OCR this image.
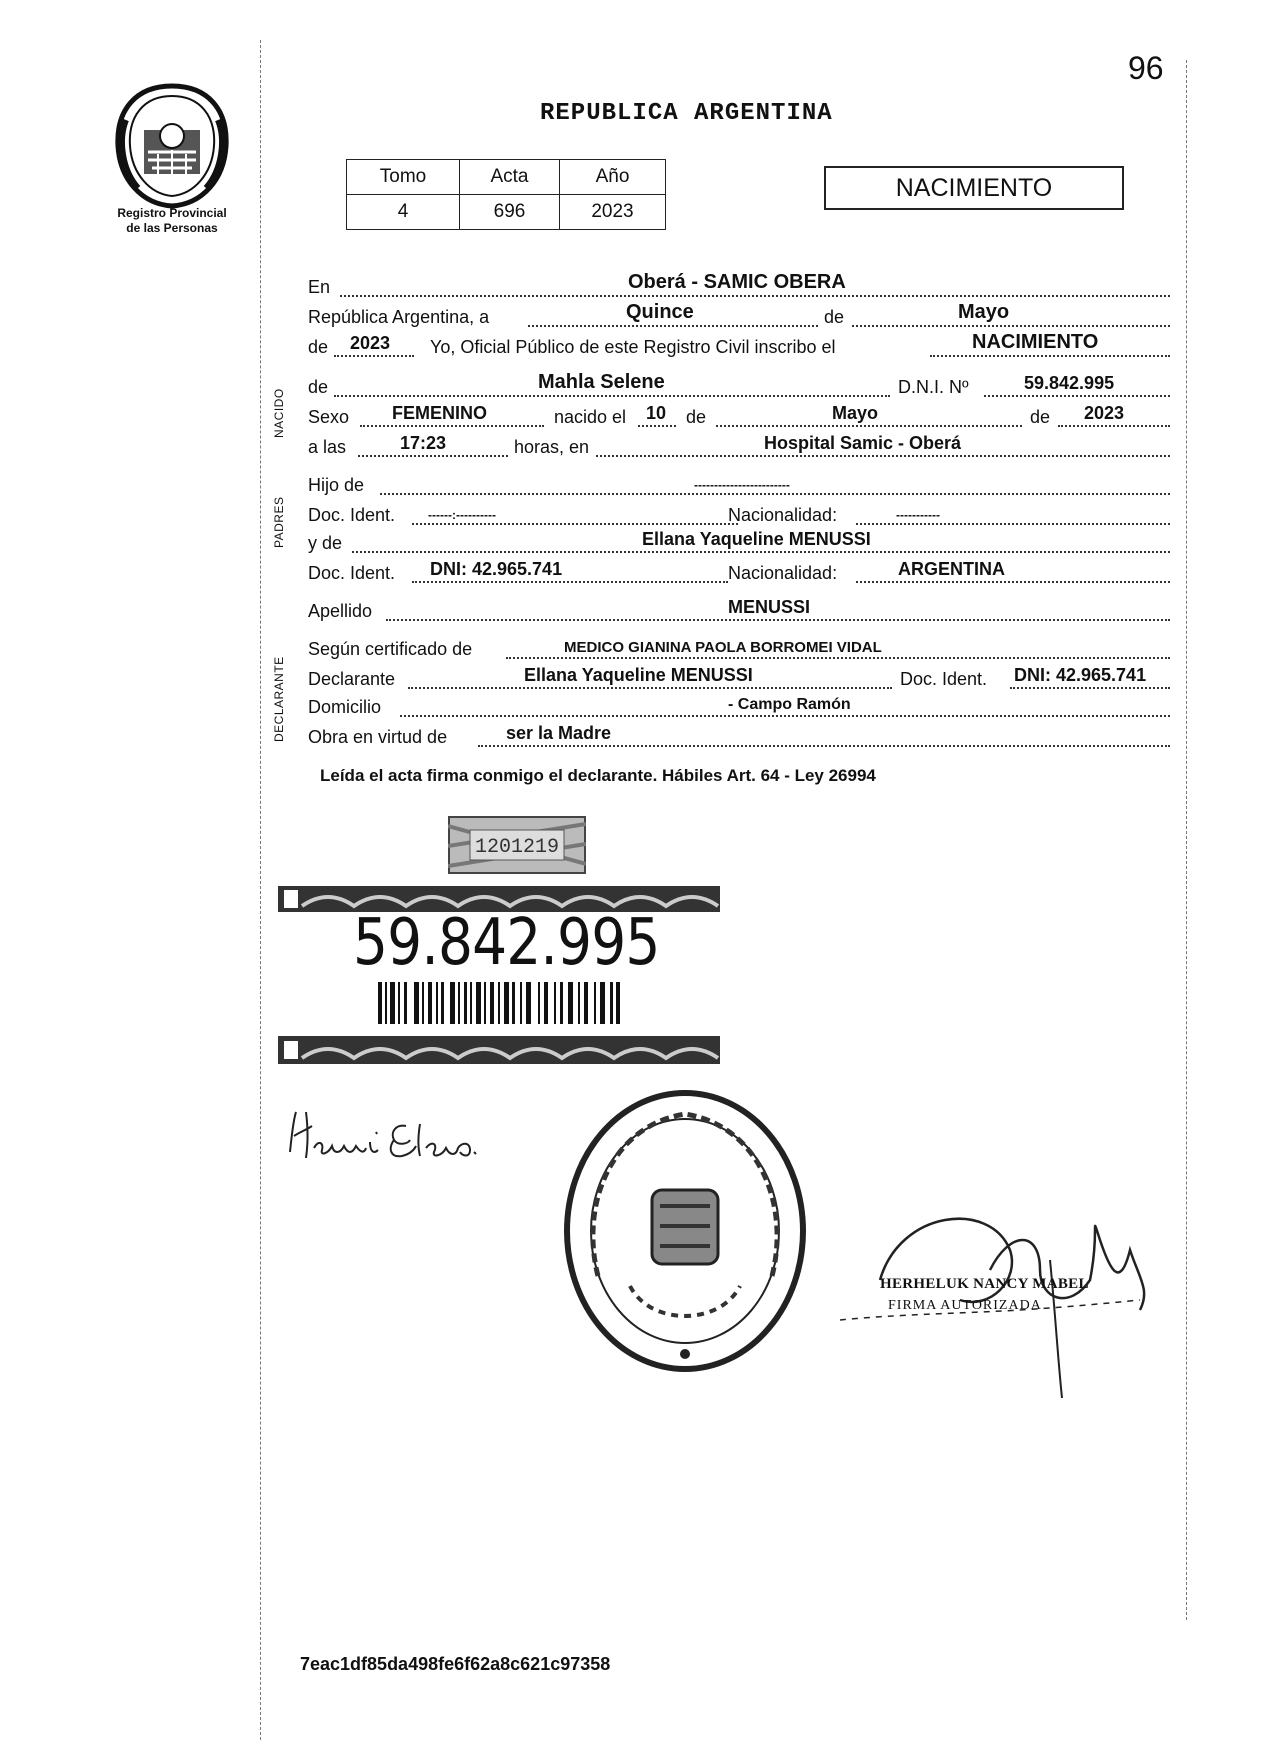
Registro Provincial
de las Personas
96
REPUBLICA ARGENTINA
Tomo	Acta	Año
4	696	2023
NACIMIENTO
NACIDO
PADRES
DECLARANTE
En	Oberá - SAMIC OBERA
República Argentina, a	Quince	de	Mayo
de 2023 Yo, Oficial Público de este Registro Civil inscribo el	NACIMIENTO
de	Mahla Selene	D.N.I. Nº	59.842.995
Sexo FEMENINO	nacido el 10 de	Mayo	de 2023
a las	17:23	horas, en	Hospital Samic - Oberá
Hijo de	------------------------
Doc. Ident.	------:----------	Nacionalidad:	-----------
y de	Ellana Yaqueline MENUSSI
Doc. Ident. DNI: 42.965.741	Nacionalidad:	ARGENTINA
Apellido	MENUSSI
Según certificado de	MEDICO GIANINA PAOLA BORROMEI VIDAL
Declarante	Ellana Yaqueline MENUSSI	Doc. Ident. DNI: 42.965.741
Domicilio	- Campo Ramón
Obra en virtud de	ser la Madre
Leída el acta firma conmigo el declarante. Hábiles Art. 64 - Ley 26994
1201219
59.842.995
HERHELUK NANCY MABEL
FIRMA AUTORIZADA
7eac1df85da498fe6f62a8c621c97358
